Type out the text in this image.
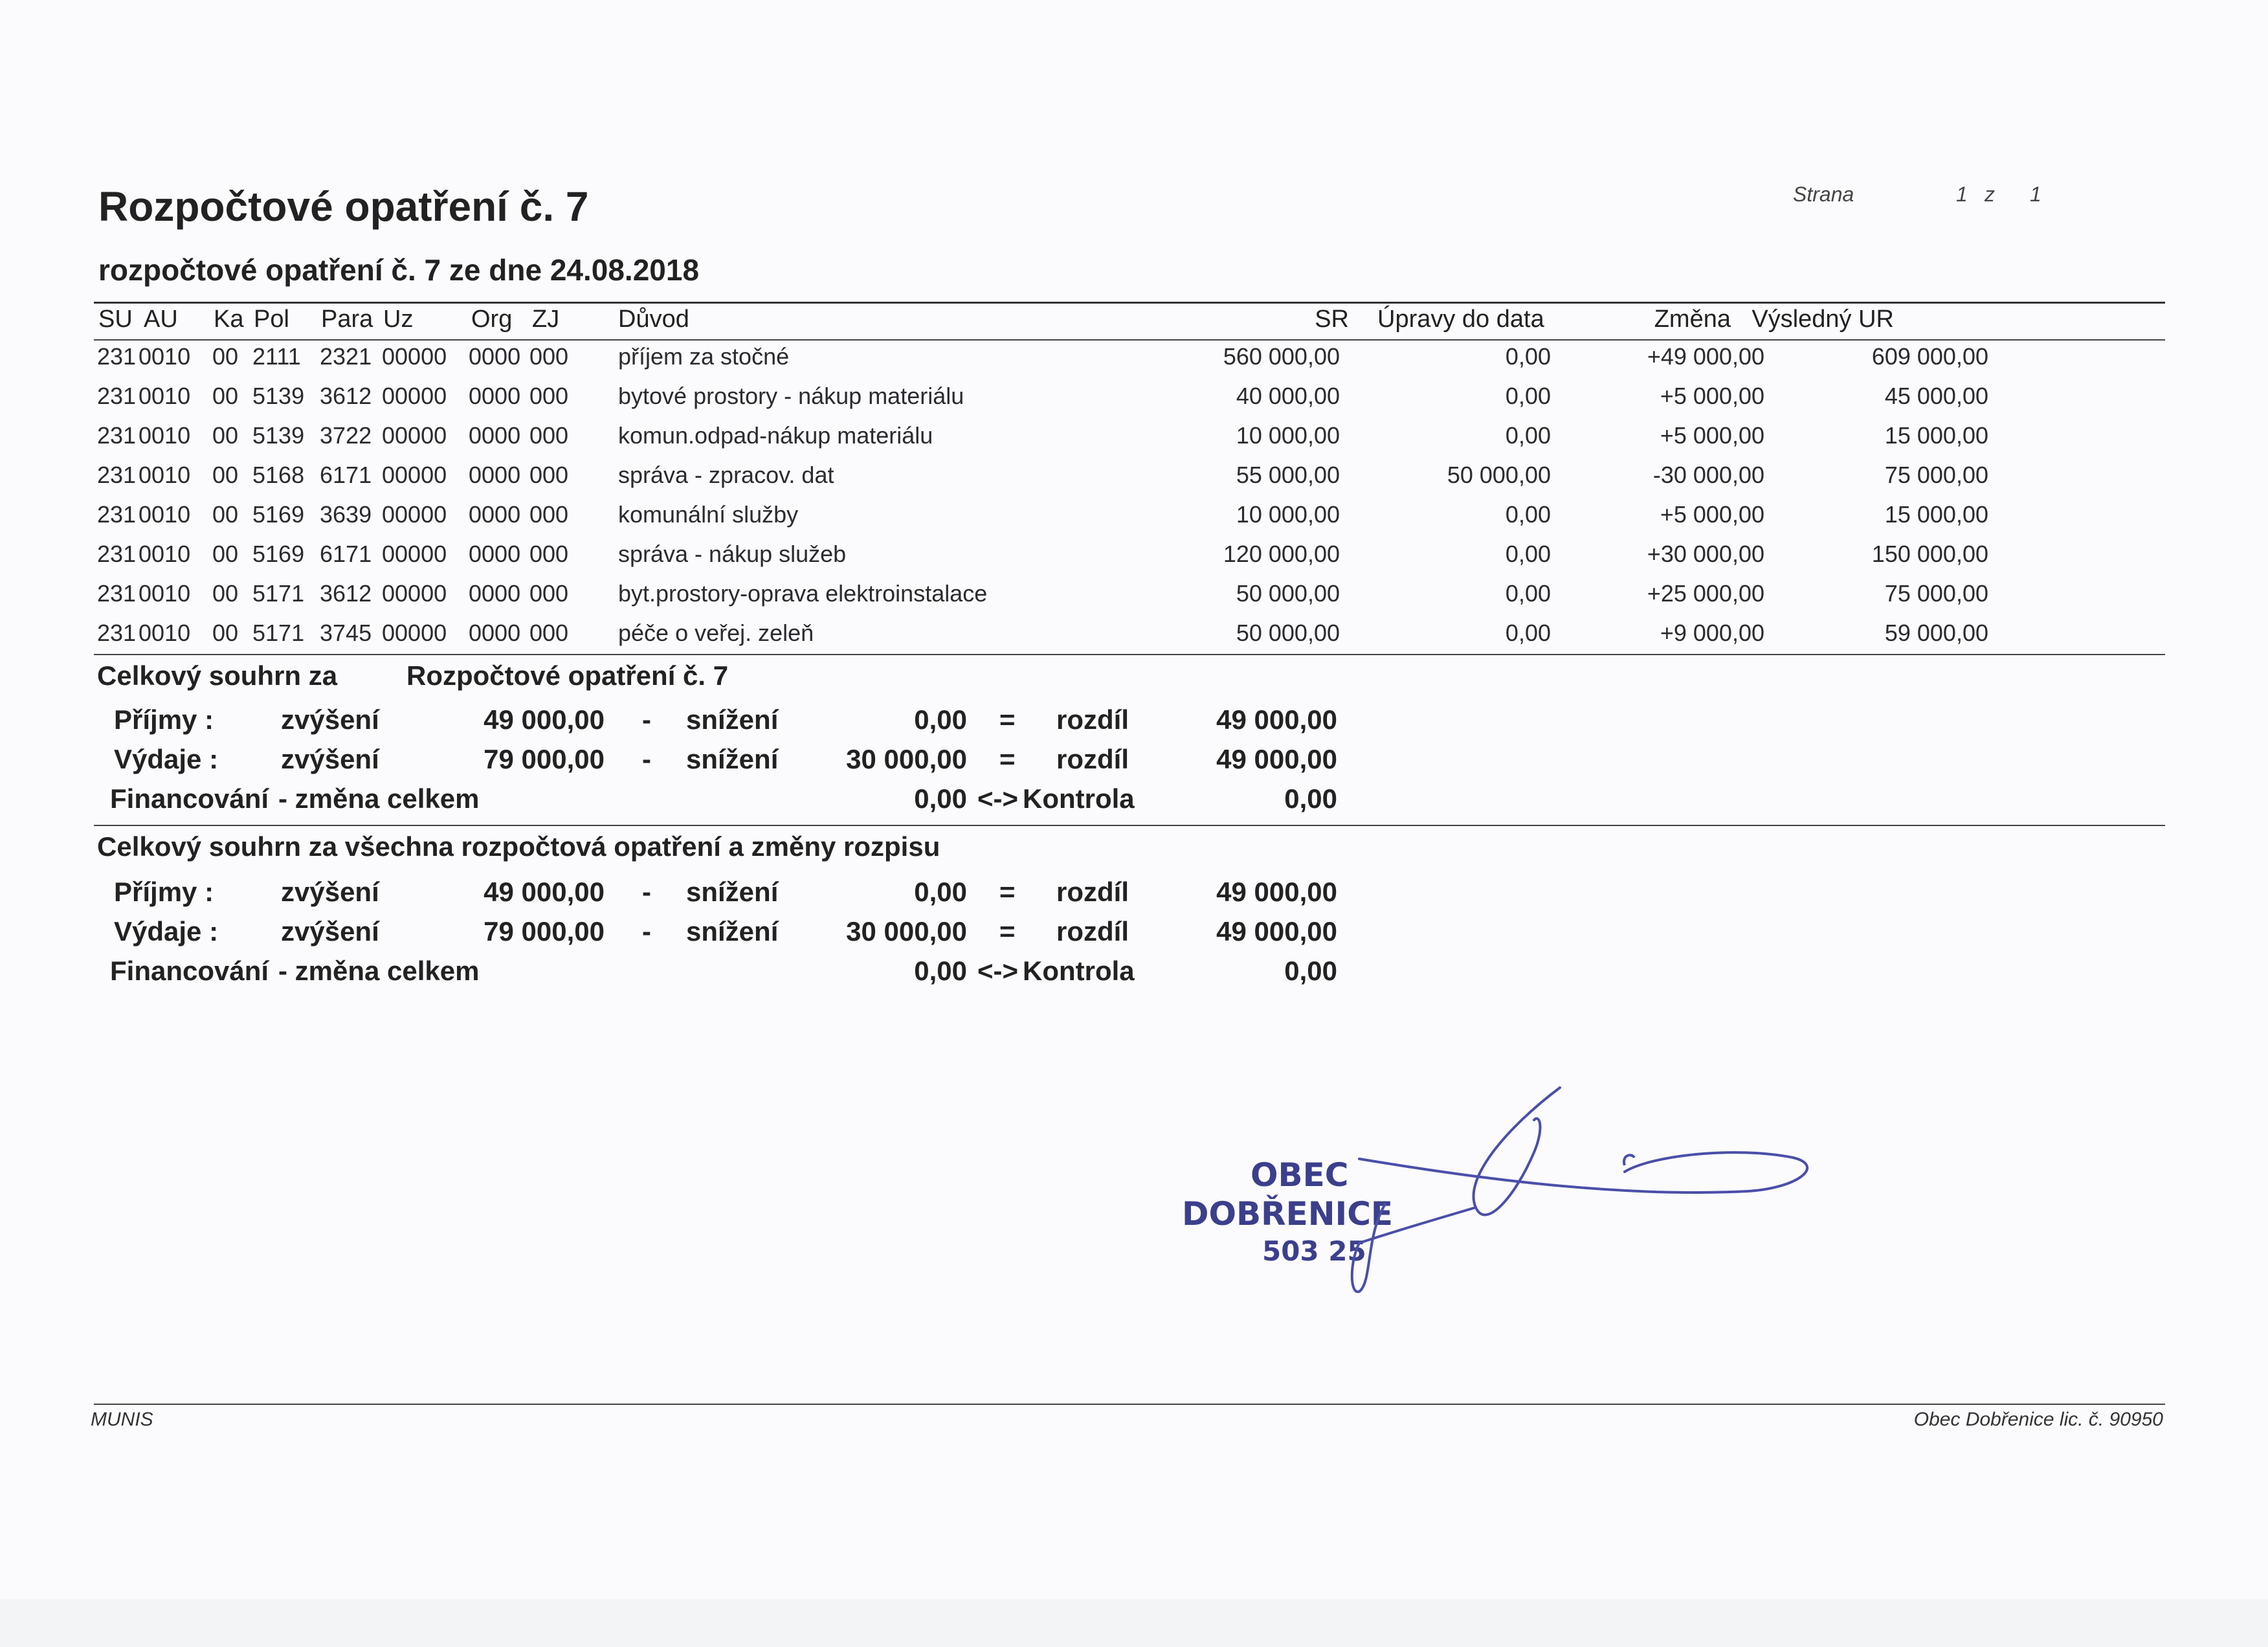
Rozpočtové opatření č. 7	Strana	1 z 1
rozpočtové opatření č. 7 ze dne 24.08.2018
SU AU Ka Pol Para Uz Org ZJ Důvod	SR Úpravy do data	Změna Výsledný UR
231 0010 00 2111 2321 00000 0000 000 příjem za stočné	560 000,00	0,00	+49 000,00	609 000,00
231 0010 00 5139 3612 00000 0000 000 bytové prostory - nákup materiálu	40 000,00	0,00	+5 000,00	45 000,00
231 0010 00 5139 3722 00000 0000 000 komun.odpad-nákup materiálu	10 000,00	0,00	+5 000,00	15 000,00
231 0010 00 5168 6171 00000 0000 000 správa - zpracov. dat	55 000,00	50 000,00	-30 000,00	75 000,00
231 0010 00 5169 3639 00000 0000 000 komunální služby	10 000,00	0,00	+5 000,00	15 000,00
231 0010 00 5169 6171 00000 0000 000 správa - nákup služeb	120 000,00	0,00	+30 000,00	150 000,00
231 0010 00 5171 3612 00000 0000 000 byt.prostory-oprava elektroinstalace	50 000,00	0,00	+25 000,00	75 000,00
231 0010 00 5171 3745 00000 0000 000 péče o veřej. zeleň	50 000,00	0,00	+9 000,00	59 000,00
Celkový souhrn za	Rozpočtové opatření č. 7
Příjmy : zvýšení	49 000,00 - snížení	0,00 = rozdíl	49 000,00
Výdaje : zvýšení	79 000,00 - snížení 30 000,00 = rozdíl	49 000,00
Financování - změna celkem	0,00 <-> Kontrola	0,00
Celkový souhrn za všechna rozpočtová opatření a změny rozpisu
Příjmy : zvýšení	49 000,00 - snížení	0,00 = rozdíl	49 000,00
Výdaje : zvýšení	79 000,00 - snížení 30 000,00 = rozdíl	49 000,00
Financování - změna celkem	0,00 <-> Kontrola	0,00
OBEC
DOBŘENICE
503 25
MUNIS	Obec Dobřenice lic. č. 90950
